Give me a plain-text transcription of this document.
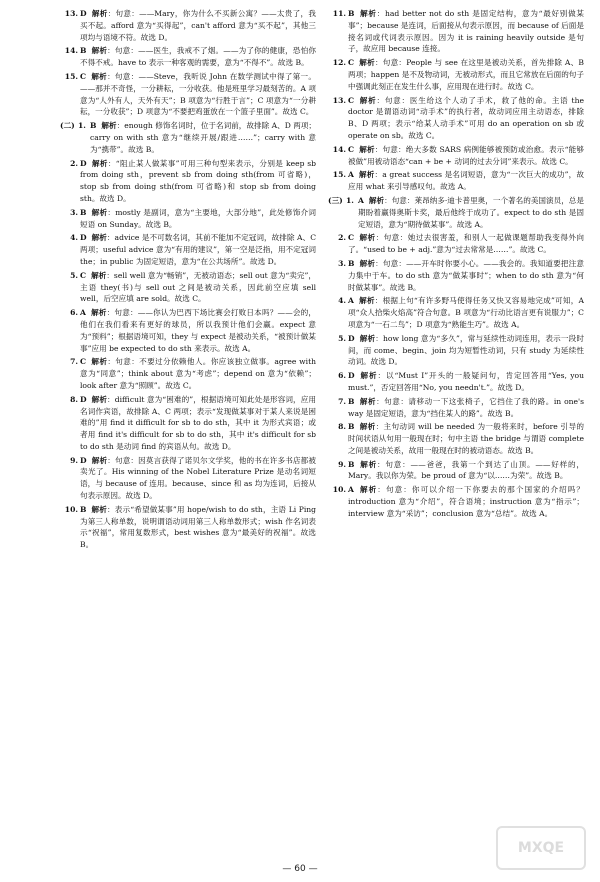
13. D 解析：句意：——Mary，你为什么不买新公寓？——太贵了，我买不起。afford 意为“买得起”，can't afford 意为“买不起”，其他三项均与语境不符。故选 D。
14. B 解析：句意：——医生，我戒不了烟。——为了你的健康，恐怕你不得不戒。have to 表示一种客观的需要，意为“不得不”。故选 B。
15. C 解析：句意：——Steve，我听说 John 在数学测试中得了第一。——那并不奇怪，一分耕耘，一分收获。他是班里学习最刻苦的。A 项意为“人外有人，天外有天”；B 项意为“行胜于言”；C 项意为“一分耕耘，一分收获”；D 项意为“不要把鸡蛋放在一个篮子里面”。故选 C。
(二) 1. B 解析：enough 修饰名词时，位于名词前，故排除 A、D 两项；carry on with sth 意为“继续开展/跟进……”；carry with 意为“携带”。故选 B。
2. D 解析：“阻止某人做某事”可用三种句型来表示，分别是 keep sb from doing sth，prevent sb from doing sth(from 可省略)，stop sb from doing sth(from 可省略)和 stop sb from doing sth。故选 D。
3. B 解析：mostly 是副词，意为“主要地，大部分地”，此处修饰介词短语 on Sunday。故选 B。
4. D 解析：advice 是不可数名词，其前不能加不定冠词，故排除 A、C 两项；useful advice 意为“有用的建议”，第一空是泛指，用不定冠词 the；in public 为固定短语，意为“在公共场所”。故选 D。
5. C 解析：sell well 意为“畅销”，无被动语态；sell out 意为“卖完”，主语 they(书)与 sell out 之间是被动关系，因此前空应填 sell well，后空应填 are sold。故选 C。
6. A 解析：句意：——你认为巴西下场比赛会打败日本吗？——会的，他们在我们看来有更好的球员，所以我预计他们会赢。expect 意为“预料”；根据语境可知，they 与 expect 是被动关系，“被预计做某事”应用 be expected to do sth 来表示。故选 A。
7. C 解析：句意：不要过分依赖他人。你应该独立做事。agree with 意为“同意”；think about 意为“考虑”；depend on 意为“依赖”；look after 意为“照顾”。故选 C。
8. D 解析：difficult 意为“困难的”，根据语境可知此处是形容词，应用名词作宾语，故排除 A、C 两项；表示“发现做某事对于某人来说是困难的”用 find it difficult for sb to do sth，其中 it 为形式宾语；或者用 find it's difficult for sb to do sth，其中 it's difficult for sb to do sth 是动词 find 的宾语从句。故选 D。
9. D 解析：句意：因莫言获得了诺贝尔文学奖，他的书在许多书店都被卖光了。His winning of the Nobel Literature Prize 是动名词短语，与 because of 连用。because、since 和 as 均为连词，后接从句表示原因。故选 D。
10. B 解析：表示“希望做某事”用 hope/wish to do sth，主语 Li Ping 为第三人称单数，说明谓语动词用第三人称单数形式；wish 作名词表示“祝福”，常用复数形式，best wishes 意为“最美好的祝福”。故选 B。
11. B 解析：had better not do sth 是固定结构，意为“最好别做某事”；because 是连词，后面接从句表示原因，而 because of 后面是接名词或代词表示原因。因为 it is raining heavily outside 是句子，故应用 because 连接。
12. C 解析：句意：People 与 see 在这里是被动关系，首先排除 A、B 两项；happen 是不及物动词，无被动形式，而且它常放在后面的句子中强调此刻正在发生什么事，应用现在进行时。故选 C。
13. C 解析：句意：医生给这个人动了手术，救了他的命。主语 the doctor 是谓语动词“动手术”的执行者，故动词应用主动语态，排除 B、D 两项；表示“给某人动手术”可用 do an operation on sb 或 operate on sb。故选 C。
14. C 解析：句意：绝大多数 SARS 病例能够被预防或治愈。表示“能够被做”用被动语态“can + be + 动词的过去分词”来表示。故选 C。
15. A 解析：a great success 是名词短语，意为“一次巨大的成功”，故应用 what 来引导感叹句。故选 A。
(三) 1. A 解析：句意：莱昂纳多·迪卡普里奥，一个著名的美国演员，总是期盼着赢得奥斯卡奖，最后他终于成功了。expect to do sth 是固定短语，意为“期待做某事”。故选 A。
2. C 解析：句意：她过去很害羞，和别人一起做课题帮助我变得外向了。“used to be + adj.”意为“过去常常是……”。故选 C。
3. B 解析：句意：——开车时你要小心。——我会的。我知道要把注意力集中于车。to do sth 意为“做某事时”；when to do sth 意为“何时做某事”。故选 B。
4. A 解析：根据上句“有许多野马使得任务又快又容易地完成”可知，A 项“众人拾柴火焰高”符合句意。B 项意为“行动比语言更有说服力”；C 项意为“一石二鸟”；D 项意为“熟能生巧”。故选 A。
5. D 解析：how long 意为“多久”，常与延续性动词连用，表示一段时间，而 come、begin、join 均为短暂性动词，只有 study 为延续性动词。故选 D。
6. D 解析：以“Must I”开头的一般疑问句，肯定回答用“Yes, you must.”，否定回答用“No, you needn't.”。故选 D。
7. B 解析：句意：请移动一下这张椅子，它挡住了我的路。in one's way 是固定短语，意为“挡住某人的路”。故选 B。
8. B 解析：主句动词 will be needed 为一般将来时，before 引导的时间状语从句用一般现在时；句中主语 the bridge 与谓语 complete 之间是被动关系，故用一般现在时的被动语态。故选 B。
9. B 解析：句意：——爸爸，我第一个到达了山顶。——好样的，Mary。我以你为荣。be proud of 意为“以……为荣”。故选 B。
10. A 解析：句意：你可以介绍一下你要去的那个国家的介绍吗？introduction 意为“介绍”，符合语境；instruction 意为“指示”；interview 意为“采访”；conclusion 意为“总结”。故选 A。
— 60 —
MXQE
